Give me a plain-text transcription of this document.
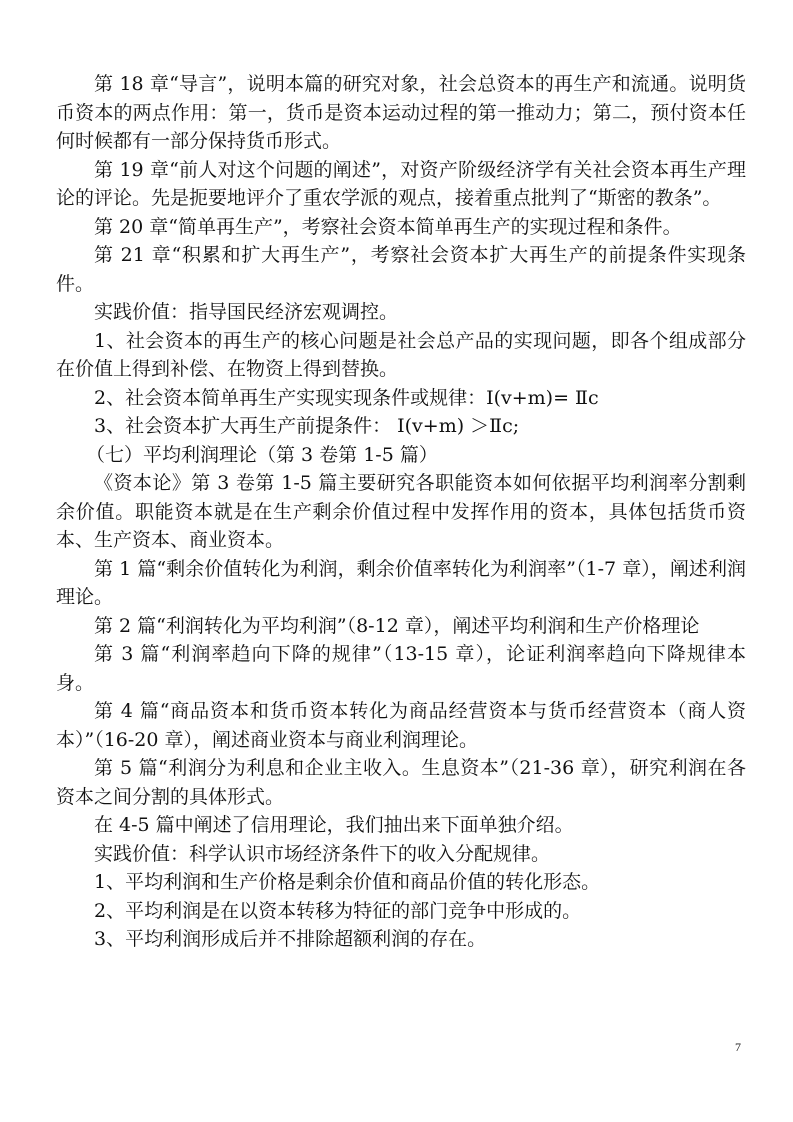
第 18 章“导言”，说明本篇的研究对象，社会总资本的再生产和流通。说明货币资本的两点作用：第一，货币是资本运动过程的第一推动力；第二，预付资本任何时候都有一部分保持货币形式。

第 19 章“前人对这个问题的阐述”，对资产阶级经济学有关社会资本再生产理论的评论。先是扼要地评介了重农学派的观点，接着重点批判了“斯密的教条”。

第 20 章“简单再生产”，考察社会资本简单再生产的实现过程和条件。

第 21 章“积累和扩大再生产”，考察社会资本扩大再生产的前提条件实现条件。

实践价值：指导国民经济宏观调控。

1、社会资本的再生产的核心问题是社会总产品的实现问题，即各个组成部分在价值上得到补偿、在物资上得到替换。

2、社会资本简单再生产实现实现条件或规律：Ⅰ(v+m)= Ⅱc

3、社会资本扩大再生产前提条件： Ⅰ(v+m) ＞Ⅱc;

（七）平均利润理论（第 3 卷第 1-5 篇）

《资本论》第 3 卷第 1-5 篇主要研究各职能资本如何依据平均利润率分割剩余价值。职能资本就是在生产剩余价值过程中发挥作用的资本，具体包括货币资本、生产资本、商业资本。

第 1 篇“剩余价值转化为利润，剩余价值率转化为利润率”（1-7 章），阐述利润理论。

第 2 篇“利润转化为平均利润”（8-12 章），阐述平均利润和生产价格理论

第 3 篇“利润率趋向下降的规律”（13-15 章），论证利润率趋向下降规律本身。

第 4 篇“商品资本和货币资本转化为商品经营资本与货币经营资本（商人资本）”（16-20 章），阐述商业资本与商业利润理论。

第 5 篇“利润分为利息和企业主收入。生息资本”（21-36 章），研究利润在各资本之间分割的具体形式。

在 4-5 篇中阐述了信用理论，我们抽出来下面单独介绍。

实践价值：科学认识市场经济条件下的收入分配规律。

1、平均利润和生产价格是剩余价值和商品价值的转化形态。

2、平均利润是在以资本转移为特征的部门竞争中形成的。

3、平均利润形成后并不排除超额利润的存在。

7
